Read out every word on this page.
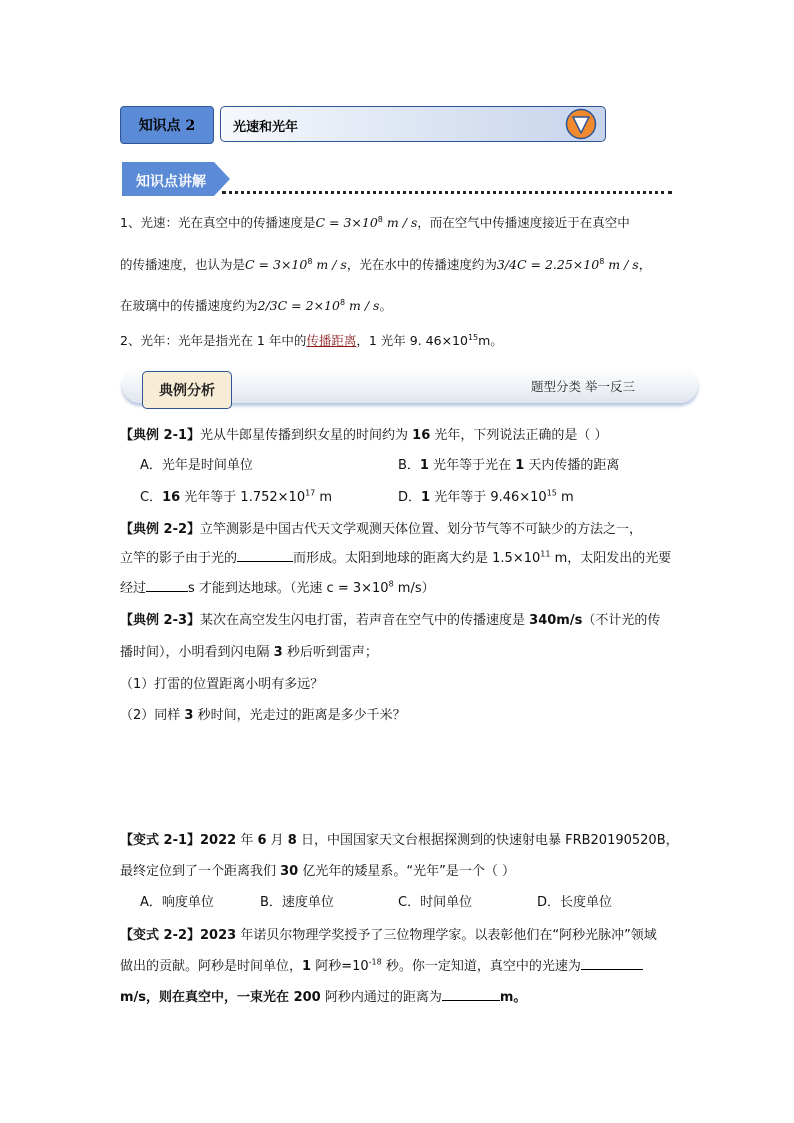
知识点 2	光速和光年
知识点讲解
1、光速：光在真空中的传播速度是$C = 3\times 10^8$ m / s，而在空气中传播速度接近于在真空中
的传播速度，也认为是$C = 3\times 10^8$ m / s，光在水中的传播速度约为$3/4C = 2.25\times 10^8$ m / s，
在玻璃中的传播速度约为$2/3C = 2\times 10^8$ m / s。
2、光年：光年是指光在 1 年中的传播距离，1 光年 9. $46\times 10^{15}m$。
典例分析	题型分类 举一反三
【典例 2-1】光从牛郎星传播到织女星的时间约为 16 光年，下列说法正确的是（ ）
A．光年是时间单位	B．1 光年等于光在 1 天内传播的距离
C．16 光年等于 $1.752\times 10^{17}$ m	D．1 光年等于 $9.46\times 10^{15}$ m
【典例 2-2】立竿测影是中国古代天文学观测天体位置、划分节气等不可缺少的方法之一，
立竿的影子由于光的	而形成。太阳到地球的距离大约是 $1.5\times 10^{11}$ m，太阳发出的光要
经过	s 才能到达地球。（光速 $c = 3\times 10^8$ m/s）
【典例 2-3】某次在高空发生闪电打雷，若声音在空气中的传播速度是 340m/s（不计光的传
播时间），小明看到闪电隔 3 秒后听到雷声；
（1）打雷的位置距离小明有多远？
（2）同样 3 秒时间，光走过的距离是多少千米？
【变式 2-1】2022 年 6 月 8 日，中国国家天文台根据探测到的快速射电暴 FRB20190520B，
最终定位到了一个距离我们 30 亿光年的矮星系。“光年”是一个（ ）
A．响度单位	B．速度单位	C．时间单位	D．长度单位
【变式 2-2】2023 年诺贝尔物理学奖授予了三位物理学家。以表彰他们在“阿秒光脉冲”领域
做出的贡献。阿秒是时间单位，1 阿秒$=10^{-18}$ 秒。你一定知道，真空中的光速为
m/s，则在真空中，一束光在 200 阿秒内通过的距离为	m。
